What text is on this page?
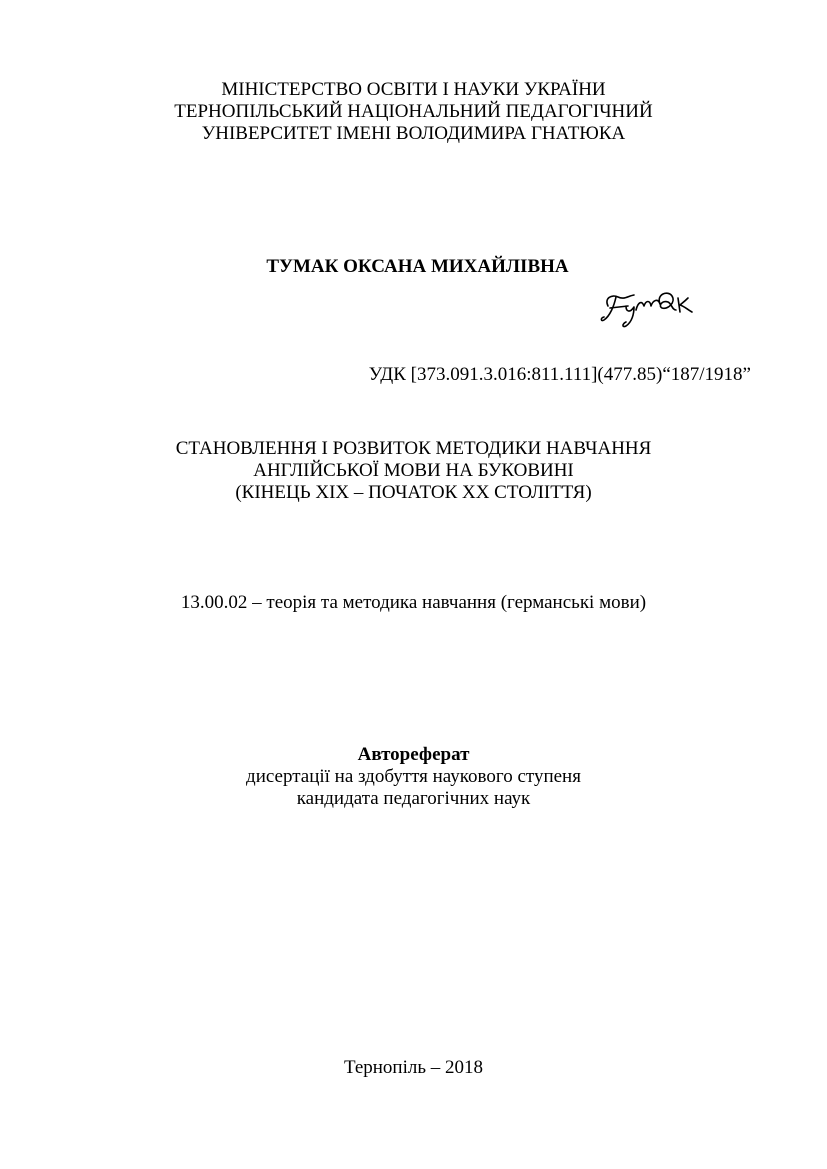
МІНІСТЕРСТВО ОСВІТИ І НАУКИ УКРАЇНИ
ТЕРНОПІЛЬСЬКИЙ НАЦІОНАЛЬНИЙ ПЕДАГОГІЧНИЙ
УНІВЕРСИТЕТ ІМЕНІ ВОЛОДИМИРА ГНАТЮКА
ТУМАК ОКСАНА МИХАЙЛІВНА
УДК [373.091.3.016:811.111](477.85)“187/1918”
СТАНОВЛЕННЯ І РОЗВИТОК МЕТОДИКИ НАВЧАННЯ
АНГЛІЙСЬКОЇ МОВИ НА БУКОВИНІ
(КІНЕЦЬ XIX – ПОЧАТОК XX СТОЛІТТЯ)
13.00.02 – теорія та методика навчання (германські мови)
Автореферат
дисертації на здобуття наукового ступеня
кандидата педагогічних наук
Тернопіль – 2018
